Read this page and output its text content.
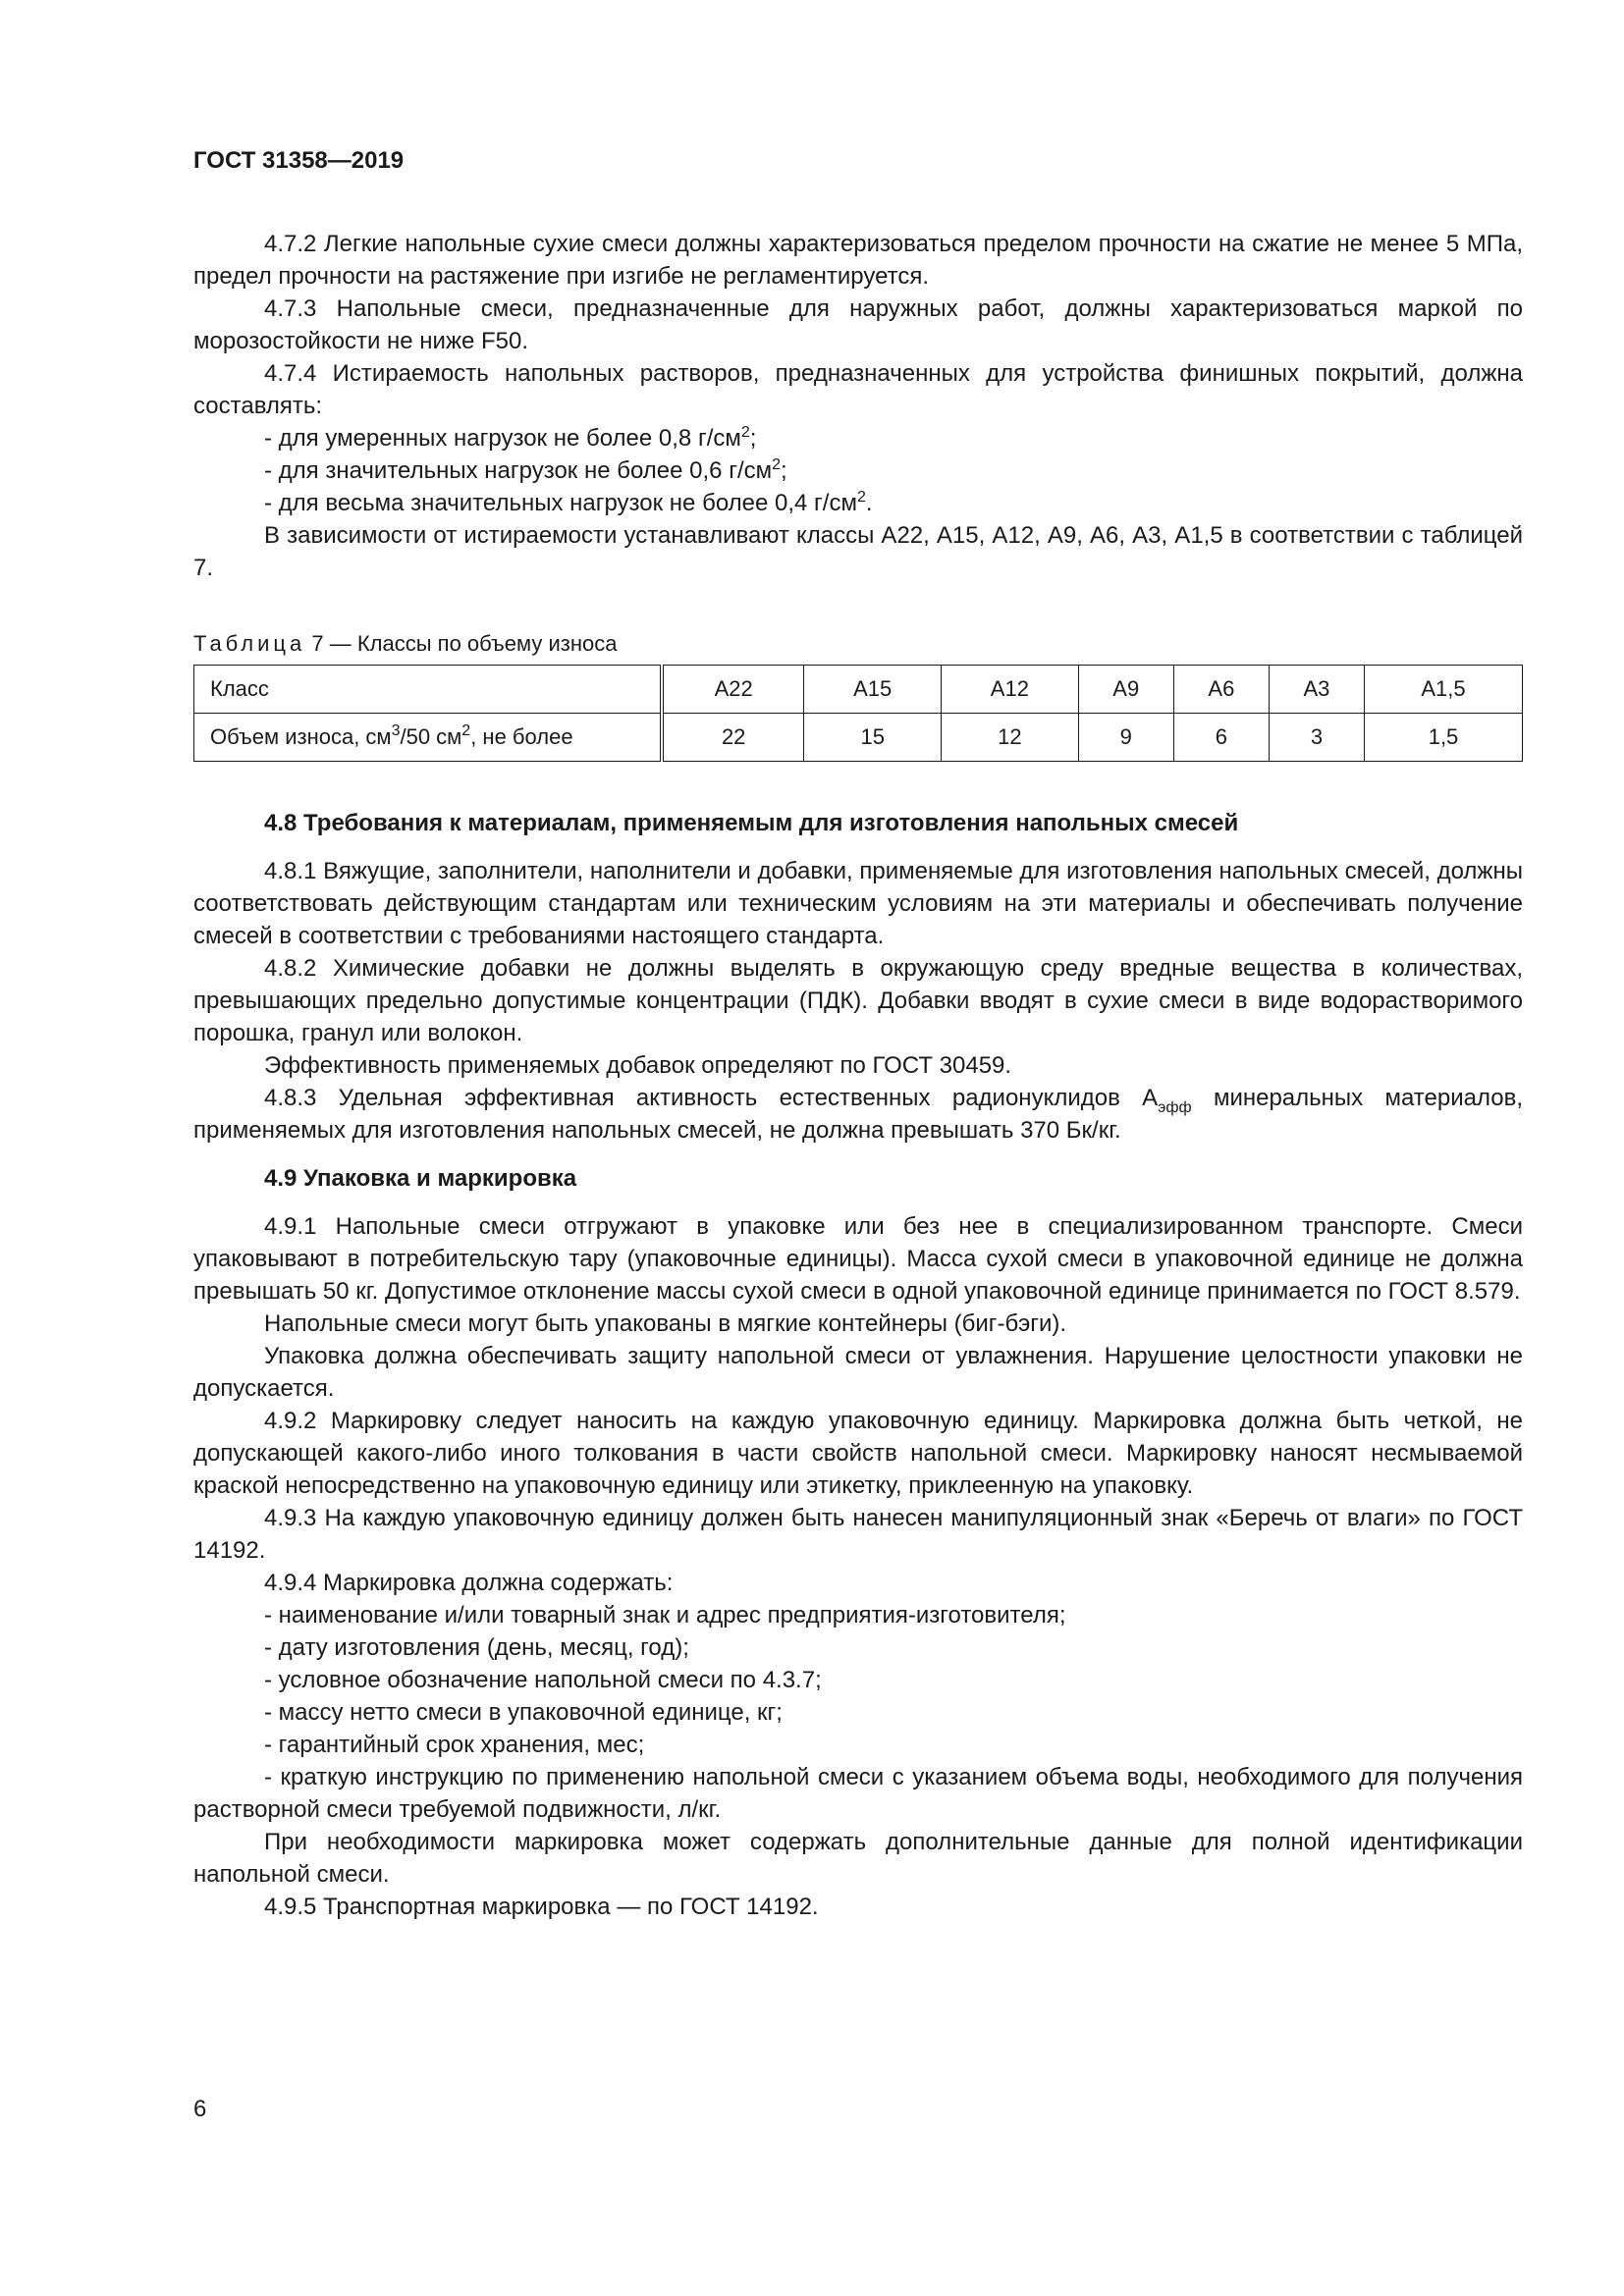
ГОСТ 31358—2019

4.7.2 Легкие напольные сухие смеси должны характеризоваться пределом прочности на сжатие не менее 5 МПа, предел прочности на растяжение при изгибе не регламентируется.

4.7.3 Напольные смеси, предназначенные для наружных работ, должны характеризоваться маркой по морозостойкости не ниже F50.

4.7.4 Истираемость напольных растворов, предназначенных для устройства финишных покрытий, должна составлять:

- для умеренных нагрузок не более 0,8 $г/см^2$;

- для значительных нагрузок не более 0,6 $г/см^2$;

- для весьма значительных нагрузок не более 0,4 $г/см^2$.

В зависимости от истираемости устанавливают классы А22, А15, А12, А9, А6, А3, А1,5 в соответствии с таблицей 7.

Таблица 7 — Классы по объему износа
Класс	А22	А15	А12	А9	А6	А3	А1,5
Объем износа, $см^3/50$ $см^2$, не более	22	15	12	9	6	3	1,5

4.8 Требования к материалам, применяемым для изготовления напольных смесей

4.8.1 Вяжущие, заполнители, наполнители и добавки, применяемые для изготовления напольных смесей, должны соответствовать действующим стандартам или техническим условиям на эти материалы и обеспечивать получение смесей в соответствии с требованиями настоящего стандарта.

4.8.2 Химические добавки не должны выделять в окружающую среду вредные вещества в количествах, превышающих предельно допустимые концентрации (ПДК). Добавки вводят в сухие смеси в виде водорастворимого порошка, гранул или волокон.

Эффективность применяемых добавок определяют по ГОСТ 30459.

4.8.3 Удельная эффективная активность естественных радионуклидов $А_{эфф}$ минеральных материалов, применяемых для изготовления напольных смесей, не должна превышать 370 Бк/кг.

4.9 Упаковка и маркировка

4.9.1 Напольные смеси отгружают в упаковке или без нее в специализированном транспорте. Смеси упаковывают в потребительскую тару (упаковочные единицы). Масса сухой смеси в упаковочной единице не должна превышать 50 кг. Допустимое отклонение массы сухой смеси в одной упаковочной единице принимается по ГОСТ 8.579.

Напольные смеси могут быть упакованы в мягкие контейнеры (биг-бэги).

Упаковка должна обеспечивать защиту напольной смеси от увлажнения. Нарушение целостности упаковки не допускается.

4.9.2 Маркировку следует наносить на каждую упаковочную единицу. Маркировка должна быть четкой, не допускающей какого-либо иного толкования в части свойств напольной смеси. Маркировку наносят несмываемой краской непосредственно на упаковочную единицу или этикетку, приклеенную на упаковку.

4.9.3 На каждую упаковочную единицу должен быть нанесен манипуляционный знак «Беречь от влаги» по ГОСТ 14192.

4.9.4 Маркировка должна содержать:

- наименование и/или товарный знак и адрес предприятия-изготовителя;

- дату изготовления (день, месяц, год);

- условное обозначение напольной смеси по 4.3.7;

- массу нетто смеси в упаковочной единице, кг;

- гарантийный срок хранения, мес;

- краткую инструкцию по применению напольной смеси с указанием объема воды, необходимого для получения растворной смеси требуемой подвижности, л/кг.

При необходимости маркировка может содержать дополнительные данные для полной идентификации напольной смеси.

4.9.5 Транспортная маркировка — по ГОСТ 14192.

6
